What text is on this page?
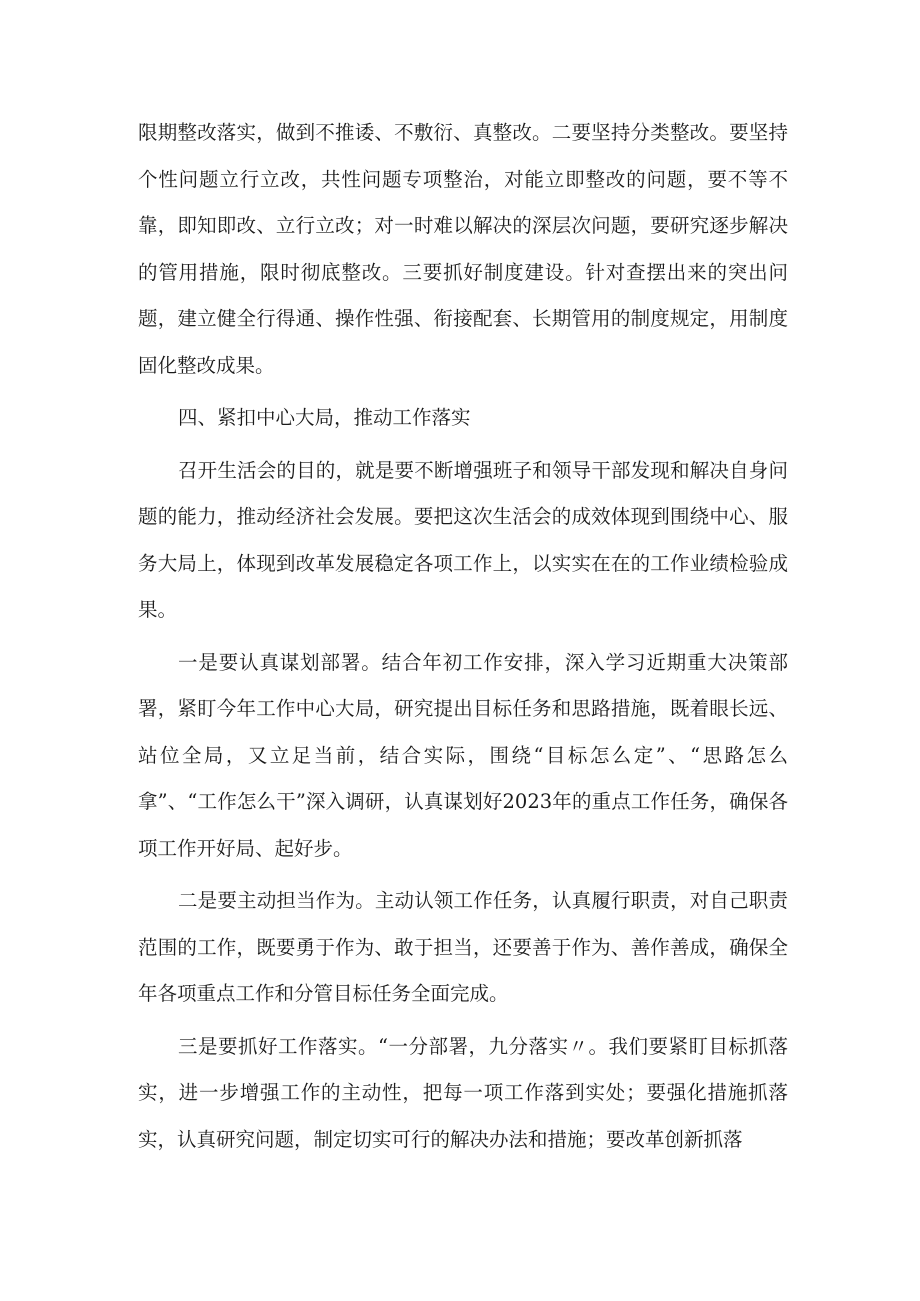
限期整改落实，做到不推诿、不敷衍、真整改。二要坚持分类整改。要坚持个性问题立行立改，共性问题专项整治，对能立即整改的问题，要不等不靠，即知即改、立行立改；对一时难以解决的深层次问题，要研究逐步解决的管用措施，限时彻底整改。三要抓好制度建设。针对查摆出来的突出问题，建立健全行得通、操作性强、衔接配套、长期管用的制度规定，用制度固化整改成果。

四、紧扣中心大局，推动工作落实

召开生活会的目的，就是要不断增强班子和领导干部发现和解决自身问题的能力，推动经济社会发展。要把这次生活会的成效体现到围绕中心、服务大局上，体现到改革发展稳定各项工作上，以实实在在的工作业绩检验成果。

一是要认真谋划部署。结合年初工作安排，深入学习近期重大决策部署，紧盯今年工作中心大局，研究提出目标任务和思路措施，既着眼长远、站位全局，又立足当前，结合实际，围绕“目标怎么定”、“思路怎么拿”、“工作怎么干”深入调研，认真谋划好2023年的重点工作任务，确保各项工作开好局、起好步。

二是要主动担当作为。主动认领工作任务，认真履行职责，对自己职责范围的工作，既要勇于作为、敢于担当，还要善于作为、善作善成，确保全年各项重点工作和分管目标任务全面完成。

三是要抓好工作落实。“一分部署，九分落实〃。我们要紧盯目标抓落实，进一步增强工作的主动性，把每一项工作落到实处；要强化措施抓落实，认真研究问题，制定切实可行的解决办法和措施；要改革创新抓落
